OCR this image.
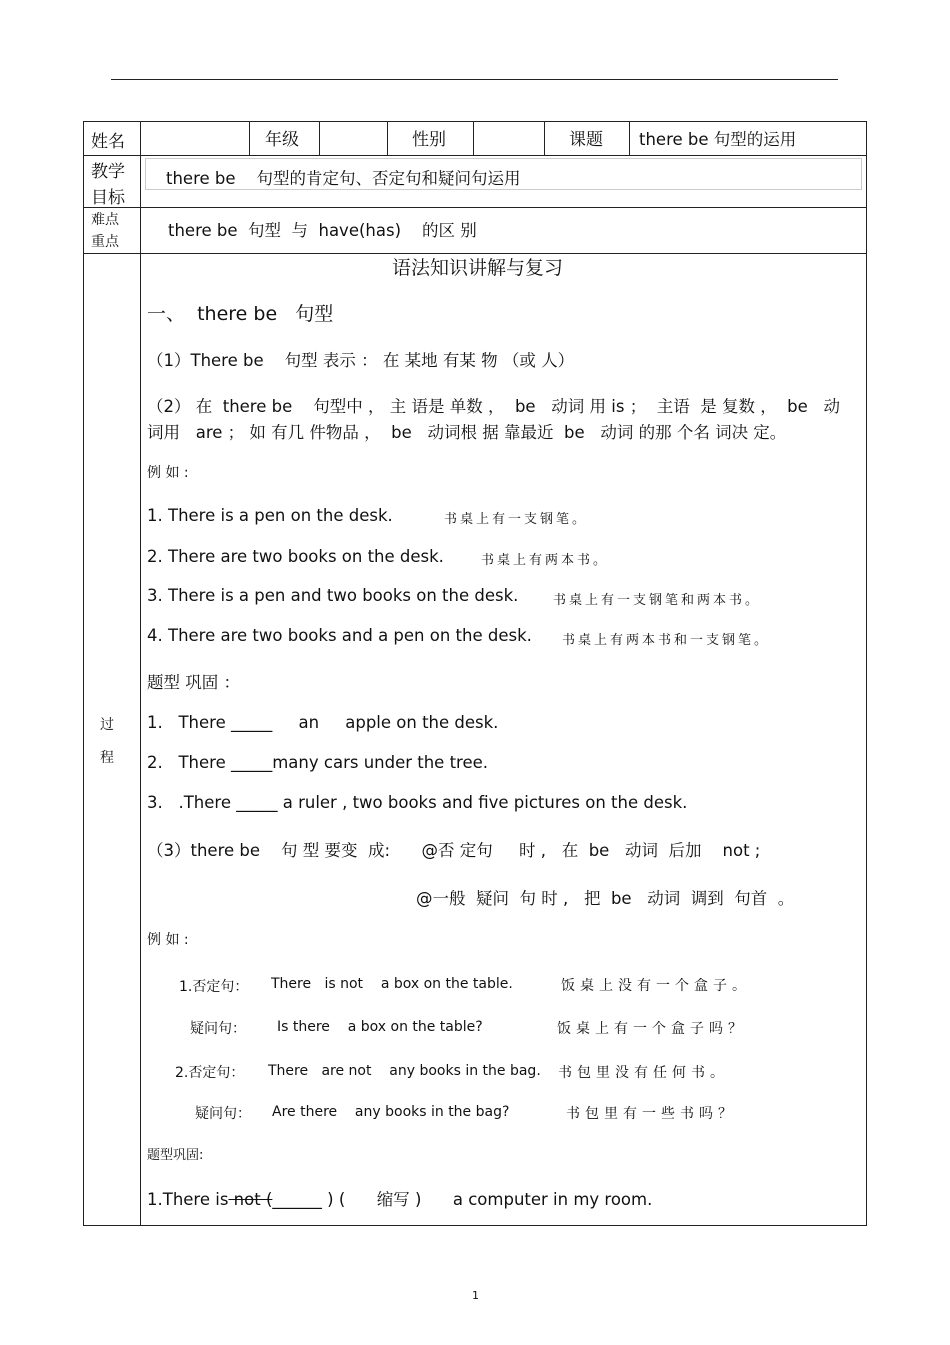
姓名	年级	性别	课题 there be 句型的运用
教学
目标
there be    句型的肯定句、否定句和疑问句运用
难点
重点
there be  句型  与  have(has)    的区 别
过
程
语法知识讲解与复习
一、  there be   句型
（1）There be    句型 表示 ： 在 某地 有某 物 （或 人）
（2） 在  there be    句型中 ， 主 语是 单数 ，  be   动词 用 is ；  主语  是 复数 ，  be   动
词用   are ； 如 有几 件物品 ，  be   动词根 据 靠最近  be   动词 的那 个名 词决 定。
例 如 :
1. There is a pen on the desk.	书桌上有一支钢笔。
2. There are two books on the desk.	书桌上有两本书。
3. There is a pen and two books on the desk.	书桌上有一支钢笔和两本书。
4. There are two books and a pen on the desk. 书桌上有两本书和一支钢笔。
题型 巩固 ：
1.   There _____     an     apple on the desk.
2.   There _____many cars under the tree.
3.   .There _____ a ruler , two books and five pictures on the desk.
（3）there be    句 型 要变  成:      @否 定句     时 ,   在  be   动词  后加    not ;
@一般  疑问  句 时 ,   把  be   动词  调到  句首  。
例 如 :
1.否定句： There   is not    a box on the table.	饭桌上没有一个盒子。
疑问句： Is there    a box on the table?	饭桌上有一个盒子吗？
2.否定句： There   are not    any books in the bag. 书包里没有任何书。
疑问句： Are there    any books in the bag?	书包里有一些书吗？
题型巩固:
1.There is not (______ ) (      缩写 )      a computer in my room.
1
